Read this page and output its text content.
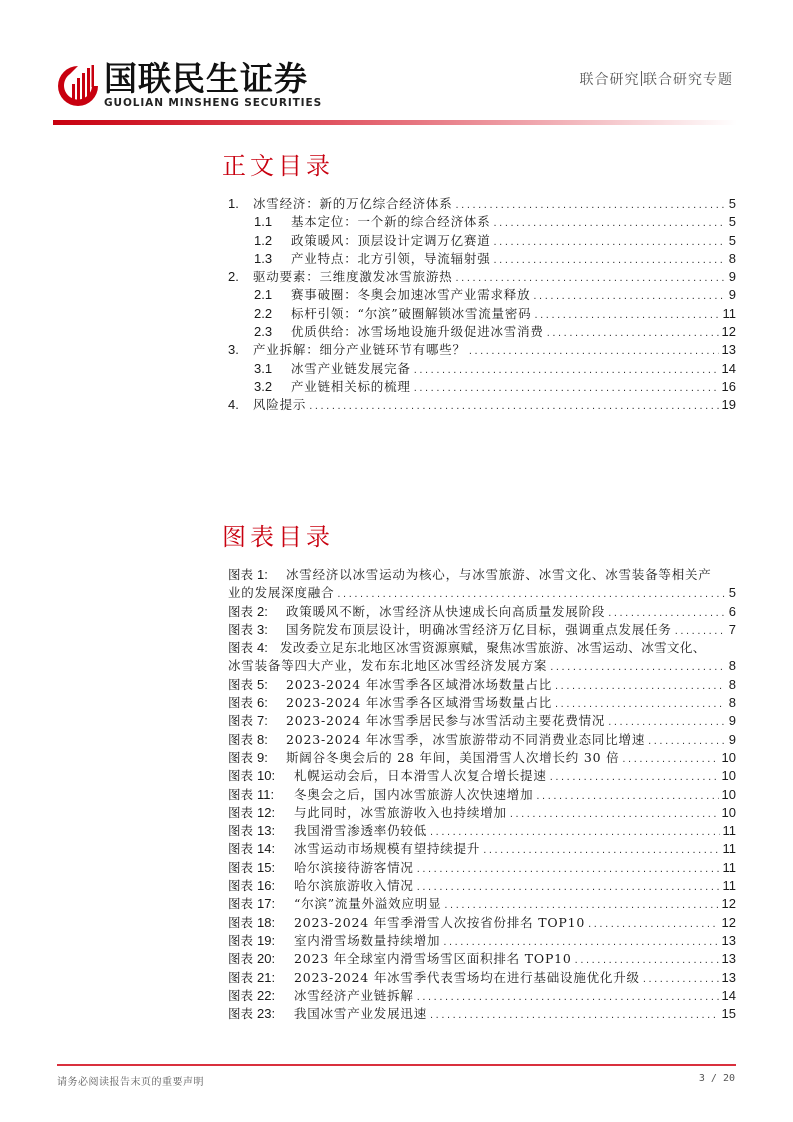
国联民生证券
GUOLIAN MINSHENG SECURITIES
联合研究 联合研究专题
正文目录
1.	冰雪经济：新的万亿综合经济体系 .....	5
1.1	基本定位：一个新的综合经济体系 .....	5
1.2	政策暖风：顶层设计定调万亿赛道 .....	5
1.3	产业特点：北方引领，导流辐射强 .....	8
2.	驱动要素：三维度激发冰雪旅游热 .....	9
2.1	赛事破圈：冬奥会加速冰雪产业需求释放 .....	9
2.2	标杆引领：“尔滨”破圈解锁冰雪流量密码 .....	11
2.3	优质供给：冰雪场地设施升级促进冰雪消费 .....	12
3.	产业拆解：细分产业链环节有哪些？ .....	13
3.1	冰雪产业链发展完备 .....	14
3.2	产业链相关标的梳理 .....	16
4.	风险提示 .....	19
图表目录
图表 1:	冰雪经济以冰雪运动为核心，与冰雪旅游、冰雪文化、冰雪装备等相关产
业的发展深度融合 .....	5
图表 2:	政策暖风不断，冰雪经济从快速成长向高质量发展阶段 .....	6
图表 3:	国务院发布顶层设计，明确冰雪经济万亿目标，强调重点发展任务 .....	7
图表 4: 发改委立足东北地区冰雪资源禀赋，聚焦冰雪旅游、冰雪运动、冰雪文化、
冰雪装备等四大产业，发布东北地区冰雪经济发展方案 .....	8
图表 5:	2023-2024 年冰雪季各区域滑冰场数量占比 .....	8
图表 6:	2023-2024 年冰雪季各区域滑雪场数量占比 .....	8
图表 7:	2023-2024 年冰雪季居民参与冰雪活动主要花费情况 .....	9
图表 8:	2023-2024 年冰雪季，冰雪旅游带动不同消费业态同比增速 .....	9
图表 9:	斯阔谷冬奥会后的 28 年间，美国滑雪人次增长约 30 倍 .....	10
图表 10:	札幌运动会后，日本滑雪人次复合增长提速 .....	10
图表 11:	冬奥会之后，国内冰雪旅游人次快速增加 .....	10
图表 12:	与此同时，冰雪旅游收入也持续增加 .....	10
图表 13:	我国滑雪渗透率仍较低 .....	11
图表 14:	冰雪运动市场规模有望持续提升 .....	11
图表 15:	哈尔滨接待游客情况 .....	11
图表 16:	哈尔滨旅游收入情况 .....	11
图表 17:	“尔滨”流量外溢效应明显 .....	12
图表 18:	2023-2024 年雪季滑雪人次按省份排名 TOP10 .....	12
图表 19:	室内滑雪场数量持续增加 .....	13
图表 20:	2023 年全球室内滑雪场雪区面积排名 TOP10 .....	13
图表 21:	2023-2024 年冰雪季代表雪场均在进行基础设施优化升级 .....	13
图表 22:	冰雪经济产业链拆解 .....	14
图表 23:	我国冰雪产业发展迅速 .....	15
请务必阅读报告末页的重要声明	3 / 20
